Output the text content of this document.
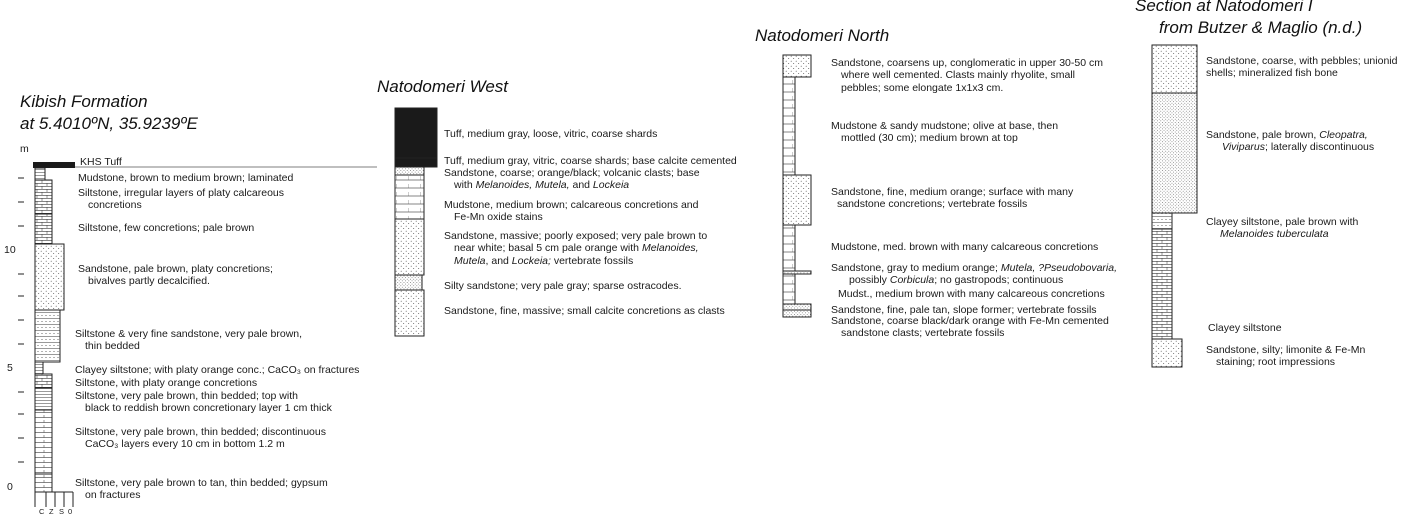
Kibish Formation
at 5.4010ºN, 35.9239ºE
m
10
5
0
C Z S 0
KHS Tuff
Mudstone, brown to medium brown; laminated
Siltstone, irregular layers of platy calcareous
concretions
Siltstone, few concretions; pale brown
Sandstone, pale brown, platy concretions;
bivalves partly decalcified.
Siltstone & very fine sandstone, very pale brown,
thin bedded
Clayey siltstone; with platy orange conc.; CaCO₃ on fractures
Siltstone, with platy orange concretions
Siltstone, very pale brown, thin bedded; top with
black to reddish brown concretionary layer 1 cm thick
Siltstone, very pale brown, thin bedded; discontinuous
CaCO₃ layers every 10 cm in bottom 1.2 m
Siltstone, very pale brown to tan, thin bedded; gypsum
on fractures
Natodomeri West
Tuff, medium gray, loose, vitric, coarse shards
Tuff, medium gray, vitric, coarse shards; base calcite cemented
Sandstone, coarse; orange/black; volcanic clasts; base
with Melanoides, Mutela, and Lockeia
Mudstone, medium brown; calcareous concretions and
Fe-Mn oxide stains
Sandstone, massive; poorly exposed; very pale brown to
near white; basal 5 cm pale orange with Melanoides,
Mutela, and Lockeia; vertebrate fossils
Silty sandstone; very pale gray; sparse ostracodes.
Sandstone, fine, massive; small calcite concretions as clasts
Natodomeri North
Sandstone, coarsens up, conglomeratic in upper 30-50 cm
where well cemented. Clasts mainly rhyolite, small
pebbles; some elongate 1x1x3 cm.
Mudstone & sandy mudstone; olive at base, then
mottled (30 cm); medium brown at top
Sandstone, fine, medium orange; surface with many
sandstone concretions; vertebrate fossils
Mudstone, med. brown with many calcareous concretions
Sandstone, gray to medium orange; Mutela, ?Pseudobovaria,
possibly Corbicula; no gastropods; continuous
Mudst., medium brown with many calcareous concretions
Sandstone, fine, pale tan, slope former; vertebrate fossils
Sandstone, coarse black/dark orange with Fe-Mn cemented
sandstone clasts; vertebrate fossils
Section at Natodomeri I
from Butzer & Maglio (n.d.)
Sandstone, coarse, with pebbles; unionid
shells; mineralized fish bone
Sandstone, pale brown, Cleopatra,
Viviparus; laterally discontinuous
Clayey siltstone, pale brown with
Melanoides tuberculata
Clayey siltstone
Sandstone, silty; limonite & Fe-Mn
staining; root impressions
